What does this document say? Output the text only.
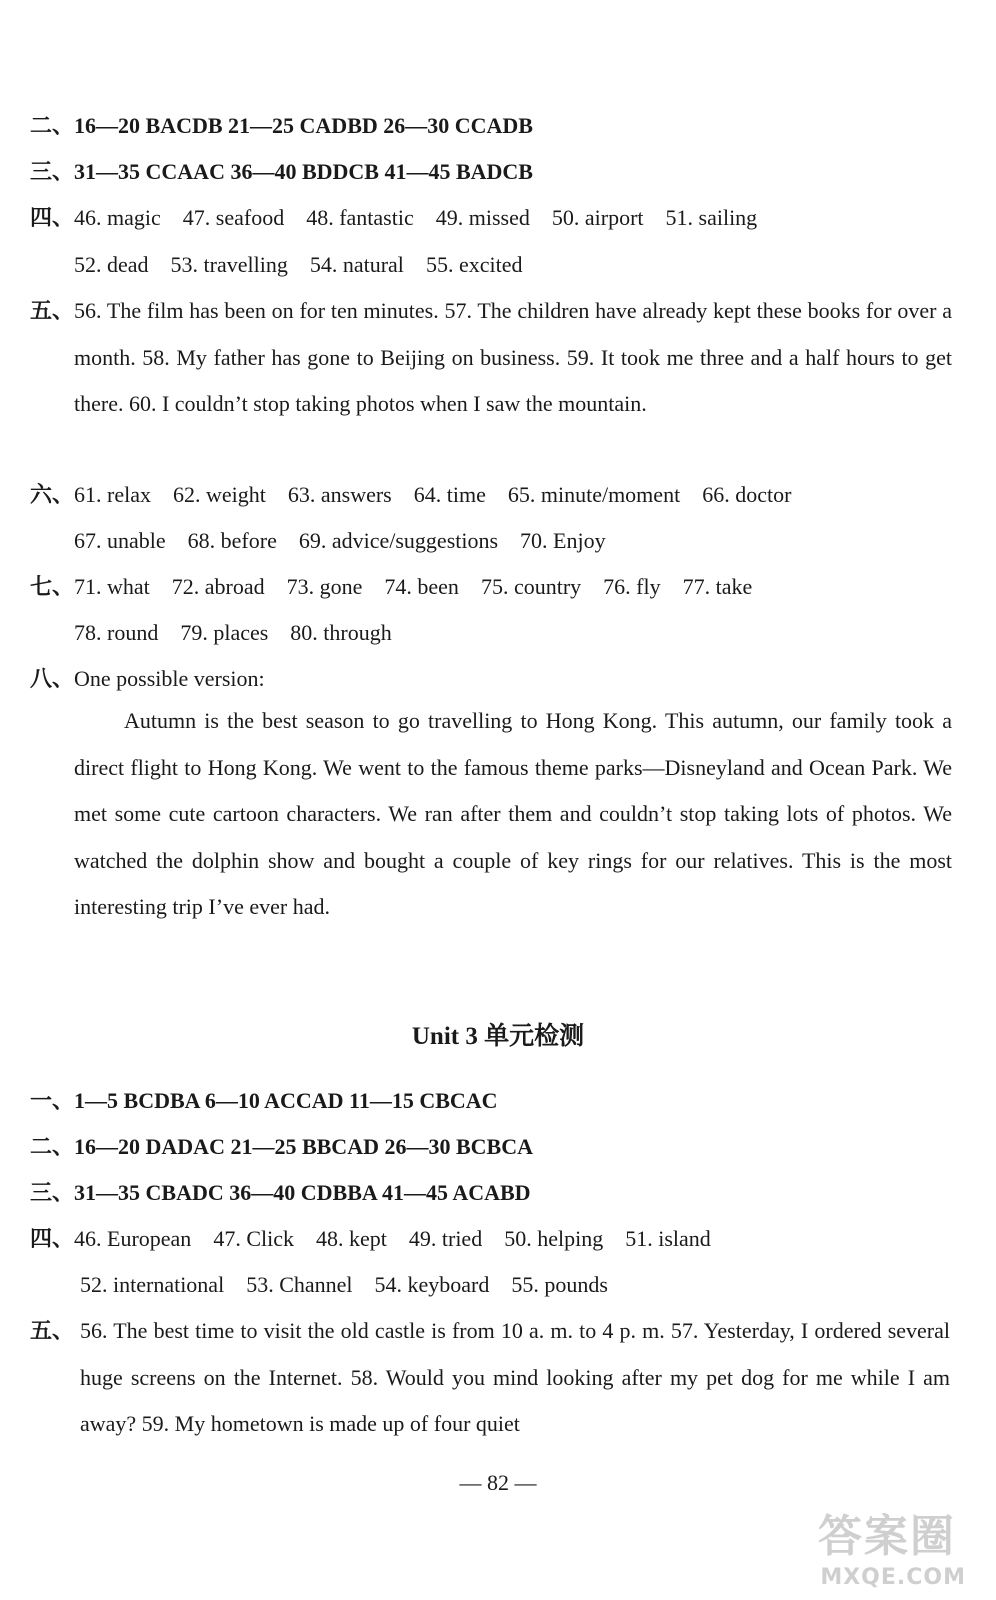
二、16—20 BACDB 21—25 CADBD 26—30 CCADB
三、31—35 CCAAC 36—40 BDDCB 41—45 BADCB
四、46. magic 47. seafood 48. fantastic 49. missed 50. airport 51. sailing
52. dead 53. travelling 54. natural 55. excited
五、 56. The film has been on for ten minutes. 57. The children have already kept these books for over a month. 58. My father has gone to Beijing on business. 59. It took me three and a half hours to get there. 60. I couldn’t stop taking photos when I saw the mountain.
六、61. relax 62. weight 63. answers 64. time 65. minute/moment 66. doctor
67. unable 68. before 69. advice/suggestions 70. Enjoy
七、71. what 72. abroad 73. gone 74. been 75. country 76. fly 77. take
78. round 79. places 80. through
八、One possible version:
Autumn is the best season to go travelling to Hong Kong. This autumn, our family took a direct flight to Hong Kong. We went to the famous theme parks—Disneyland and Ocean Park. We met some cute cartoon characters. We ran after them and couldn’t stop taking lots of photos. We watched the dolphin show and bought a couple of key rings for our relatives. This is the most interesting trip I’ve ever had.
Unit 3 单元检测
一、1—5 BCDBA 6—10 ACCAD 11—15 CBCAC
二、16—20 DADAC 21—25 BBCAD 26—30 BCBCA
三、31—35 CBADC 36—40 CDBBA 41—45 ACABD
四、46. European 47. Click 48. kept 49. tried 50. helping 51. island
52. international 53. Channel 54. keyboard 55. pounds
五、 56. The best time to visit the old castle is from 10 a. m. to 4 p. m. 57. Yesterday, I ordered several huge screens on the Internet. 58. Would you mind looking after my pet dog for me while I am away? 59. My hometown is made up of four quiet
— 82 —
答案圈
MXQE.COM
